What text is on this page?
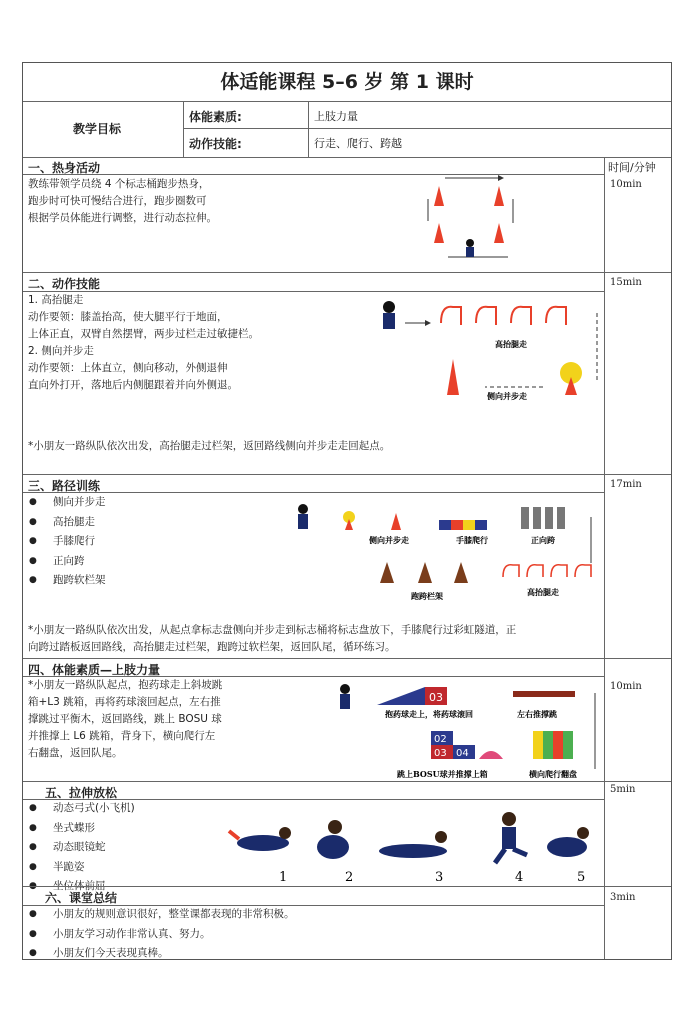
体适能课程 5–6 岁 第 1 课时
教学目标
体能素质:	上肢力量
动作技能:	行走、爬行、跨越
时间/分钟
一、热身活动
10min
教练带领学员绕 4 个标志桶跑步热身，
跑步时可快可慢结合进行，跑步圈数可
根据学员体能进行调整，进行动态拉伸。
二、动作技能	15min
1. 高抬腿走
动作要领：膝盖抬高，使大腿平行于地面，
上体正直，双臂自然摆臂，两步过栏走过敏捷栏。
2. 侧向并步走
动作要领：上体直立，侧向移动，外侧退伸
直向外打开，落地后内侧腿跟着并向外侧退。
*小朋友一路纵队依次出发，高抬腿走过栏架，返回路线侧向并步走走回起点。
高抬腿走
侧向并步走
三、路径训练	17min
● 侧向并步走
● 高抬腿走
● 手膝爬行
● 正向跨
● 跑跨软栏架
*小朋友一路纵队依次出发，从起点拿标志盘侧向并步走到标志桶将标志盘放下，手膝爬行过彩虹隧道，正
向跨过踏板返回路线，高抬腿走过栏架，跑跨过软栏架，返回队尾，循环练习。
侧向并步走	手膝爬行	正向跨
跑跨栏架	高抬腿走
四、体能素质—上肢力量
10min
*小朋友一路纵队起点，抱药球走上斜坡跳
箱+L3 跳箱，再将药球滚回起点，左右推
撑跳过平衡木，返回路线，跳上 BOSU 球
并推撑上 L6 跳箱，背身下，横向爬行左
右翻盘，返回队尾。
03
抱药球走上，将药球滚回	左右推撑跳
02
03 04
跳上BOSU球并推撑上箱	横向爬行翻盘
五、拉伸放松	5min
● 动态弓式(小飞机)
● 坐式蝶形
● 动态眼镜蛇
● 半跪姿
● 坐位体前屈
1	2	3	4	5
六、课堂总结	3min
● 小朋友的规则意识很好，整堂课都表现的非常积极。
● 小朋友学习动作非常认真、努力。
● 小朋友们今天表现真棒。
